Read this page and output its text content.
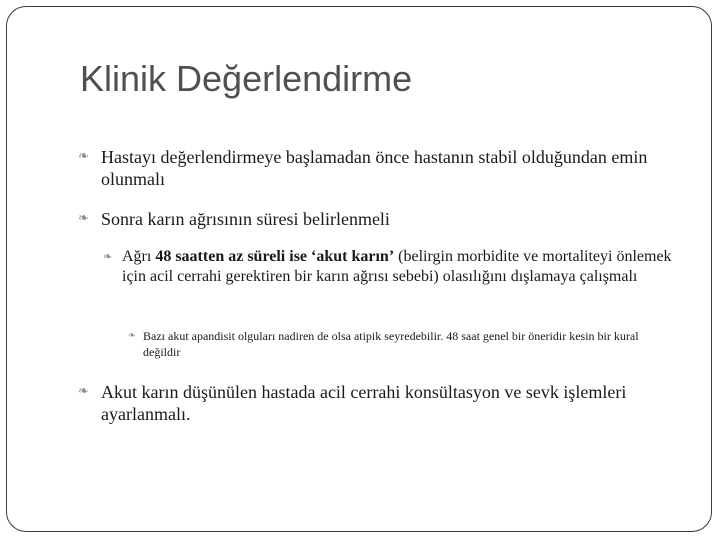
Klinik Değerlendirme
❧ Hastayı değerlendirmeye başlamadan önce hastanın stabil olduğundan emin olunmalı
❧ Sonra karın ağrısının süresi belirlenmeli
❧ Ağrı 48 saatten az süreli ise ‘akut karın’ (belirgin morbidite ve mortaliteyi önlemek için acil cerrahi gerektiren bir karın ağrısı sebebi) olasılığını dışlamaya çalışmalı
❧ Bazı akut apandisit olguları nadiren de olsa atipik seyredebilir. 48 saat genel bir öneridir kesin bir kural değildir
❧ Akut karın düşünülen hastada acil cerrahi konsültasyon ve sevk işlemleri ayarlanmalı.
